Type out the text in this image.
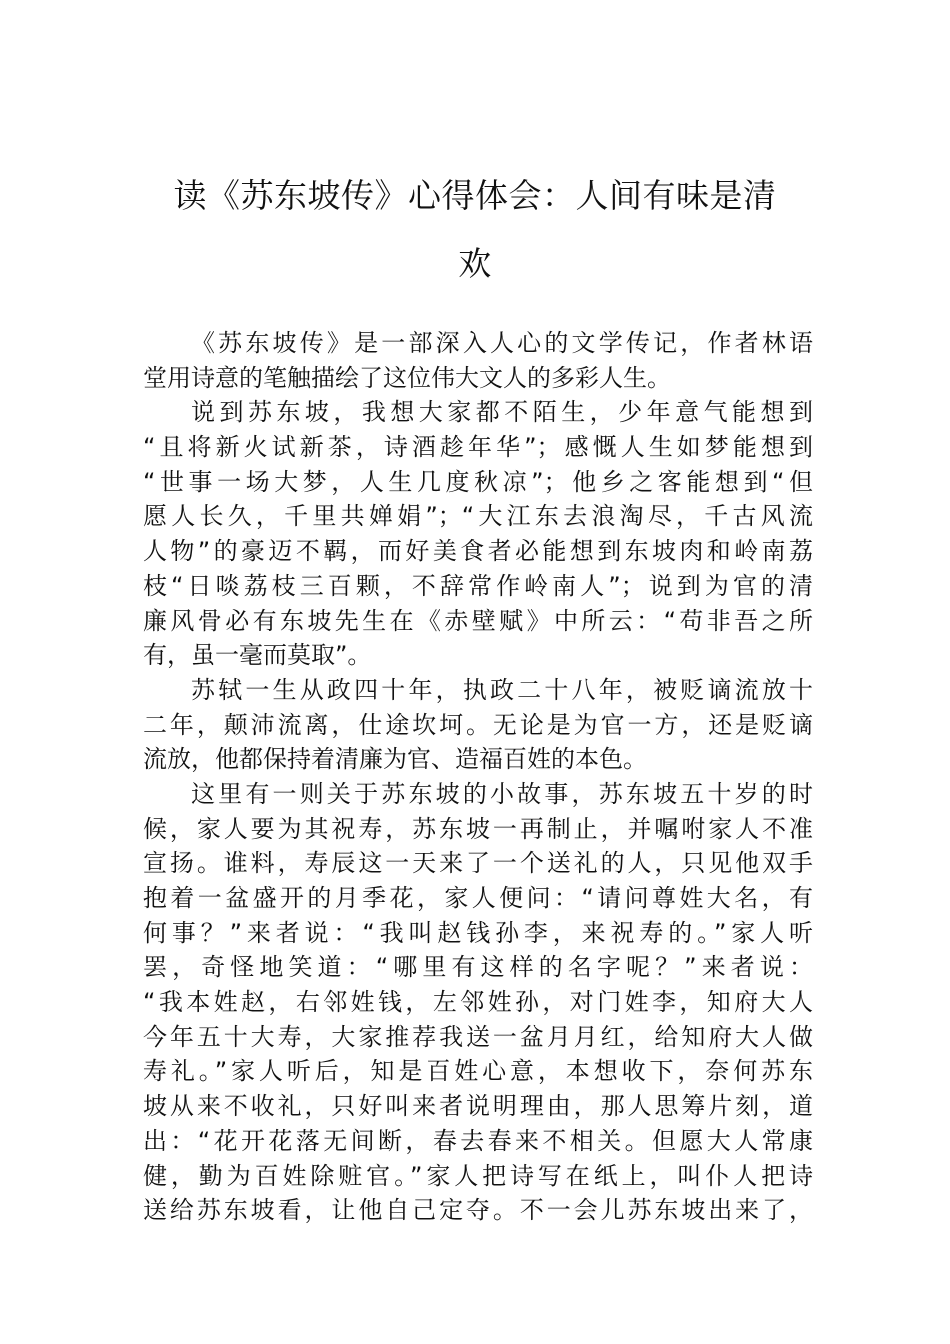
读《苏东坡传》心得体会：人间有味是清
欢
《苏东坡传》是一部深入人心的文学传记，作者林语
堂用诗意的笔触描绘了这位伟大文人的多彩人生。
说到苏东坡，我想大家都不陌生，少年意气能想到
“且将新火试新茶，诗酒趁年华”；感慨人生如梦能想到
“世事一场大梦，人生几度秋凉”；他乡之客能想到“但
愿人长久，千里共婵娟”；“大江东去浪淘尽，千古风流
人物”的豪迈不羁，而好美食者必能想到东坡肉和岭南荔
枝“日啖荔枝三百颗，不辞常作岭南人”；说到为官的清
廉风骨必有东坡先生在《赤壁赋》中所云：“苟非吾之所
有，虽一毫而莫取”。
苏轼一生从政四十年，执政二十八年，被贬谪流放十
二年，颠沛流离，仕途坎坷。无论是为官一方，还是贬谪
流放，他都保持着清廉为官、造福百姓的本色。
这里有一则关于苏东坡的小故事，苏东坡五十岁的时
候，家人要为其祝寿，苏东坡一再制止，并嘱咐家人不准
宣扬。谁料，寿辰这一天来了一个送礼的人，只见他双手
抱着一盆盛开的月季花，家人便问：“请问尊姓大名，有
何事？”来者说：“我叫赵钱孙李，来祝寿的。”家人听
罢，奇怪地笑道：“哪里有这样的名字呢？”来者说：
“我本姓赵，右邻姓钱，左邻姓孙，对门姓李，知府大人
今年五十大寿，大家推荐我送一盆月月红，给知府大人做
寿礼。”家人听后，知是百姓心意，本想收下，奈何苏东
坡从来不收礼，只好叫来者说明理由，那人思筹片刻，道
出：“花开花落无间断，春去春来不相关。但愿大人常康
健，勤为百姓除赃官。”家人把诗写在纸上，叫仆人把诗
送给苏东坡看，让他自己定夺。不一会儿苏东坡出来了，
